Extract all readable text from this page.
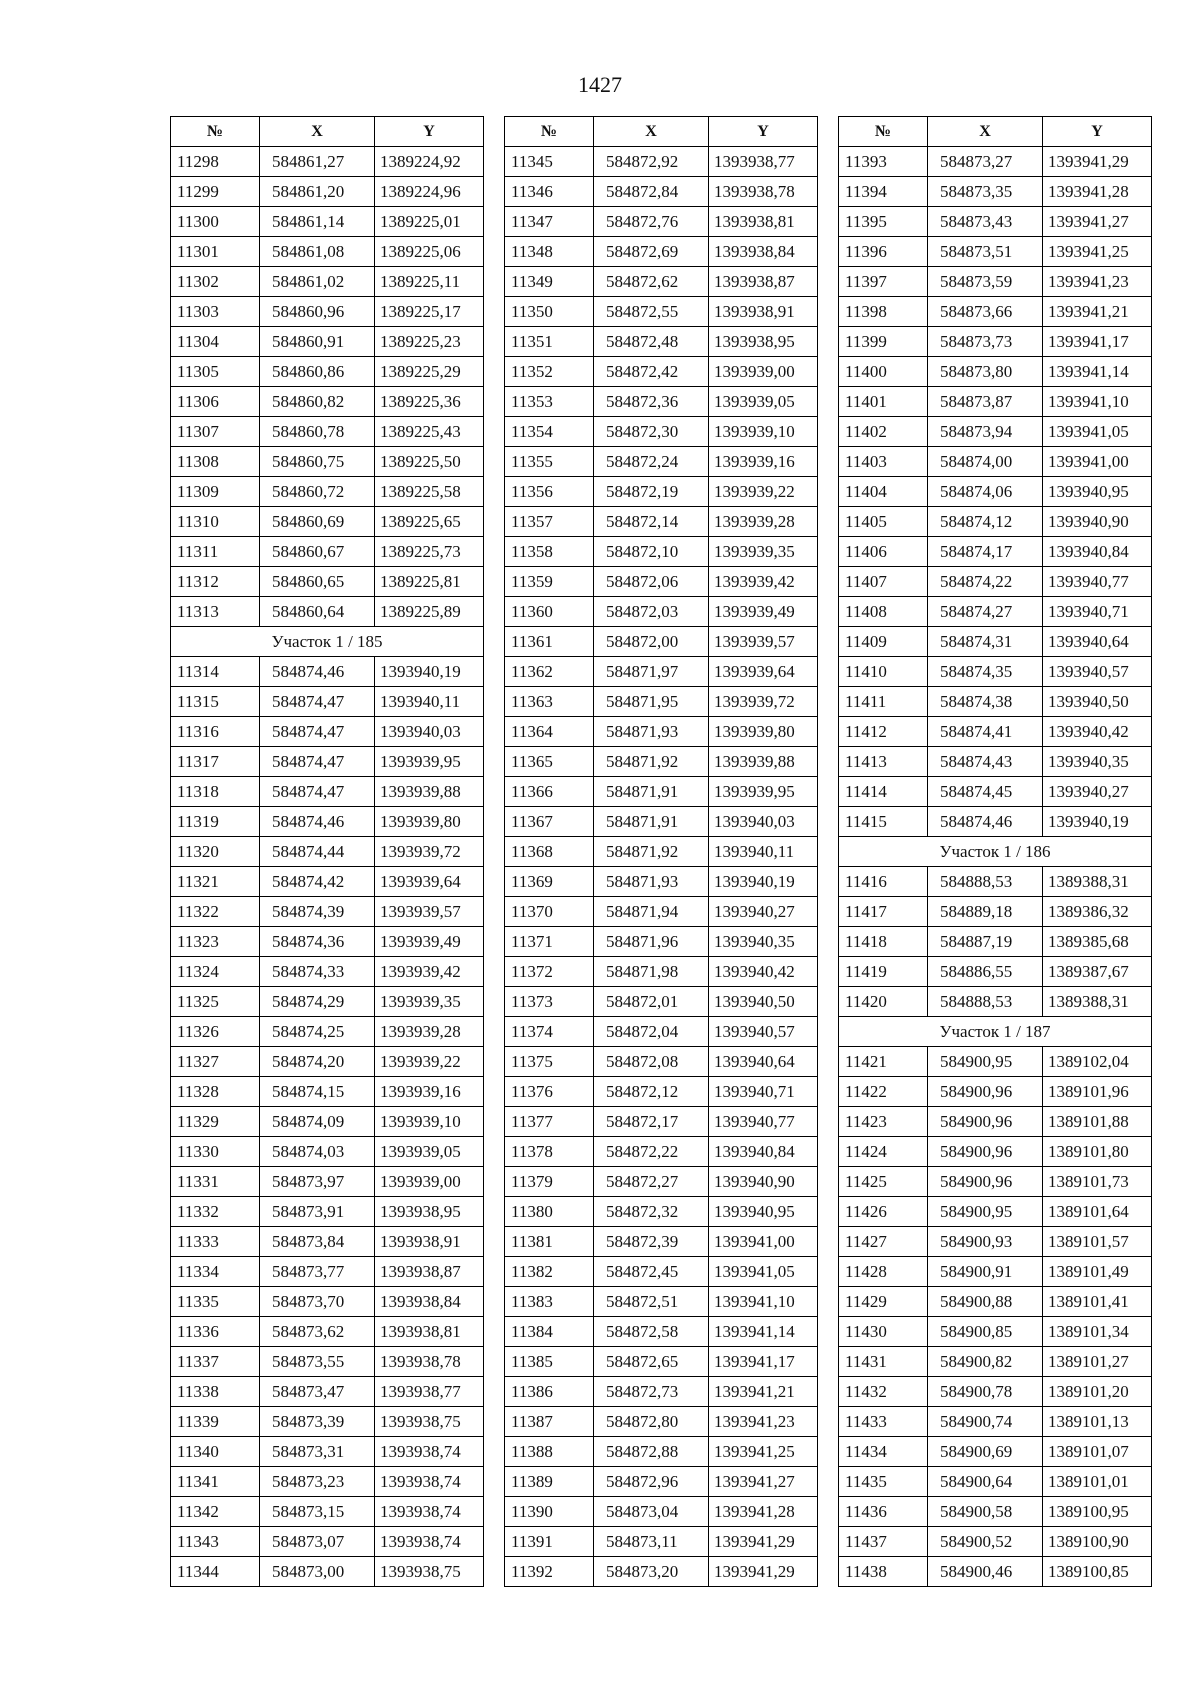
1427
№	X	Y
11298	584861,27	1389224,92
11299	584861,20	1389224,96
11300	584861,14	1389225,01
11301	584861,08	1389225,06
11302	584861,02	1389225,11
11303	584860,96	1389225,17
11304	584860,91	1389225,23
11305	584860,86	1389225,29
11306	584860,82	1389225,36
11307	584860,78	1389225,43
11308	584860,75	1389225,50
11309	584860,72	1389225,58
11310	584860,69	1389225,65
11311	584860,67	1389225,73
11312	584860,65	1389225,81
11313	584860,64	1389225,89
Участок 1 / 185		
11314	584874,46	1393940,19
11315	584874,47	1393940,11
11316	584874,47	1393940,03
11317	584874,47	1393939,95
11318	584874,47	1393939,88
11319	584874,46	1393939,80
11320	584874,44	1393939,72
11321	584874,42	1393939,64
11322	584874,39	1393939,57
11323	584874,36	1393939,49
11324	584874,33	1393939,42
11325	584874,29	1393939,35
11326	584874,25	1393939,28
11327	584874,20	1393939,22
11328	584874,15	1393939,16
11329	584874,09	1393939,10
11330	584874,03	1393939,05
11331	584873,97	1393939,00
11332	584873,91	1393938,95
11333	584873,84	1393938,91
11334	584873,77	1393938,87
11335	584873,70	1393938,84
11336	584873,62	1393938,81
11337	584873,55	1393938,78
11338	584873,47	1393938,77
11339	584873,39	1393938,75
11340	584873,31	1393938,74
11341	584873,23	1393938,74
11342	584873,15	1393938,74
11343	584873,07	1393938,74
11344	584873,00	1393938,75
№	X	Y
11345	584872,92	1393938,77
11346	584872,84	1393938,78
11347	584872,76	1393938,81
11348	584872,69	1393938,84
11349	584872,62	1393938,87
11350	584872,55	1393938,91
11351	584872,48	1393938,95
11352	584872,42	1393939,00
11353	584872,36	1393939,05
11354	584872,30	1393939,10
11355	584872,24	1393939,16
11356	584872,19	1393939,22
11357	584872,14	1393939,28
11358	584872,10	1393939,35
11359	584872,06	1393939,42
11360	584872,03	1393939,49
11361	584872,00	1393939,57
11362	584871,97	1393939,64
11363	584871,95	1393939,72
11364	584871,93	1393939,80
11365	584871,92	1393939,88
11366	584871,91	1393939,95
11367	584871,91	1393940,03
11368	584871,92	1393940,11
11369	584871,93	1393940,19
11370	584871,94	1393940,27
11371	584871,96	1393940,35
11372	584871,98	1393940,42
11373	584872,01	1393940,50
11374	584872,04	1393940,57
11375	584872,08	1393940,64
11376	584872,12	1393940,71
11377	584872,17	1393940,77
11378	584872,22	1393940,84
11379	584872,27	1393940,90
11380	584872,32	1393940,95
11381	584872,39	1393941,00
11382	584872,45	1393941,05
11383	584872,51	1393941,10
11384	584872,58	1393941,14
11385	584872,65	1393941,17
11386	584872,73	1393941,21
11387	584872,80	1393941,23
11388	584872,88	1393941,25
11389	584872,96	1393941,27
11390	584873,04	1393941,28
11391	584873,11	1393941,29
11392	584873,20	1393941,29
№	X	Y
11393	584873,27	1393941,29
11394	584873,35	1393941,28
11395	584873,43	1393941,27
11396	584873,51	1393941,25
11397	584873,59	1393941,23
11398	584873,66	1393941,21
11399	584873,73	1393941,17
11400	584873,80	1393941,14
11401	584873,87	1393941,10
11402	584873,94	1393941,05
11403	584874,00	1393941,00
11404	584874,06	1393940,95
11405	584874,12	1393940,90
11406	584874,17	1393940,84
11407	584874,22	1393940,77
11408	584874,27	1393940,71
11409	584874,31	1393940,64
11410	584874,35	1393940,57
11411	584874,38	1393940,50
11412	584874,41	1393940,42
11413	584874,43	1393940,35
11414	584874,45	1393940,27
11415	584874,46	1393940,19
Участок 1 / 186		
11416	584888,53	1389388,31
11417	584889,18	1389386,32
11418	584887,19	1389385,68
11419	584886,55	1389387,67
11420	584888,53	1389388,31
Участок 1 / 187		
11421	584900,95	1389102,04
11422	584900,96	1389101,96
11423	584900,96	1389101,88
11424	584900,96	1389101,80
11425	584900,96	1389101,73
11426	584900,95	1389101,64
11427	584900,93	1389101,57
11428	584900,91	1389101,49
11429	584900,88	1389101,41
11430	584900,85	1389101,34
11431	584900,82	1389101,27
11432	584900,78	1389101,20
11433	584900,74	1389101,13
11434	584900,69	1389101,07
11435	584900,64	1389101,01
11436	584900,58	1389100,95
11437	584900,52	1389100,90
11438	584900,46	1389100,85
